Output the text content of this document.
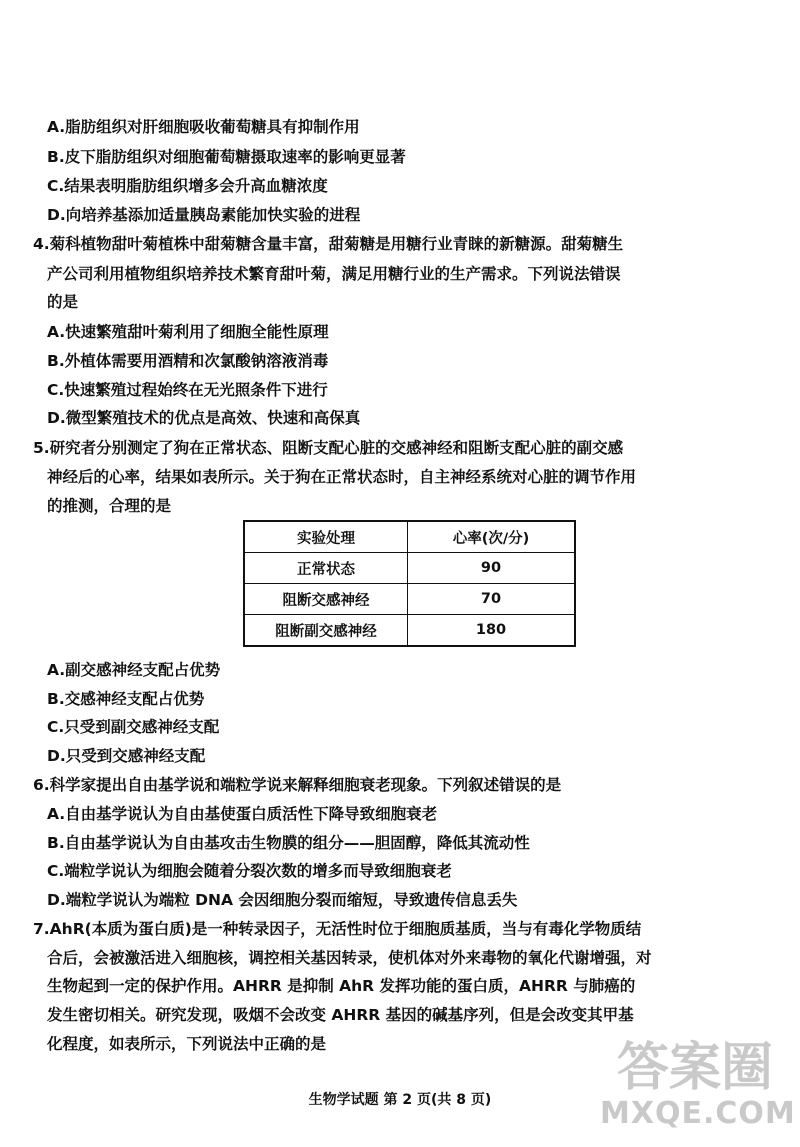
A.脂肪组织对肝细胞吸收葡萄糖具有抑制作用
B.皮下脂肪组织对细胞葡萄糖摄取速率的影响更显著
C.结果表明脂肪组织增多会升高血糖浓度
D.向培养基添加适量胰岛素能加快实验的进程
4.菊科植物甜叶菊植株中甜菊糖含量丰富，甜菊糖是用糖行业青睐的新糖源。甜菊糖生
产公司利用植物组织培养技术繁育甜叶菊，满足用糖行业的生产需求。下列说法错误
的是
A.快速繁殖甜叶菊利用了细胞全能性原理
B.外植体需要用酒精和次氯酸钠溶液消毒
C.快速繁殖过程始终在无光照条件下进行
D.微型繁殖技术的优点是高效、快速和高保真
5.研究者分别测定了狗在正常状态、阻断支配心脏的交感神经和阻断支配心脏的副交感
神经后的心率，结果如表所示。关于狗在正常状态时，自主神经系统对心脏的调节作用
的推测，合理的是
实验处理	心率(次/分)
正常状态	90
阻断交感神经	70
阻断副交感神经	180
A.副交感神经支配占优势
B.交感神经支配占优势
C.只受到副交感神经支配
D.只受到交感神经支配
6.科学家提出自由基学说和端粒学说来解释细胞衰老现象。下列叙述错误的是
A.自由基学说认为自由基使蛋白质活性下降导致细胞衰老
B.自由基学说认为自由基攻击生物膜的组分——胆固醇，降低其流动性
C.端粒学说认为细胞会随着分裂次数的增多而导致细胞衰老
D.端粒学说认为端粒 DNA 会因细胞分裂而缩短，导致遗传信息丢失
7.AhR(本质为蛋白质)是一种转录因子，无活性时位于细胞质基质，当与有毒化学物质结
合后，会被激活进入细胞核，调控相关基因转录，使机体对外来毒物的氧化代谢增强，对
生物起到一定的保护作用。AHRR 是抑制 AhR 发挥功能的蛋白质，AHRR 与肺癌的
发生密切相关。研究发现，吸烟不会改变 AHRR 基因的碱基序列，但是会改变其甲基
化程度，如表所示，下列说法中正确的是
生物学试题 第 2 页(共 8 页)
答案圈
MXQE.COM
